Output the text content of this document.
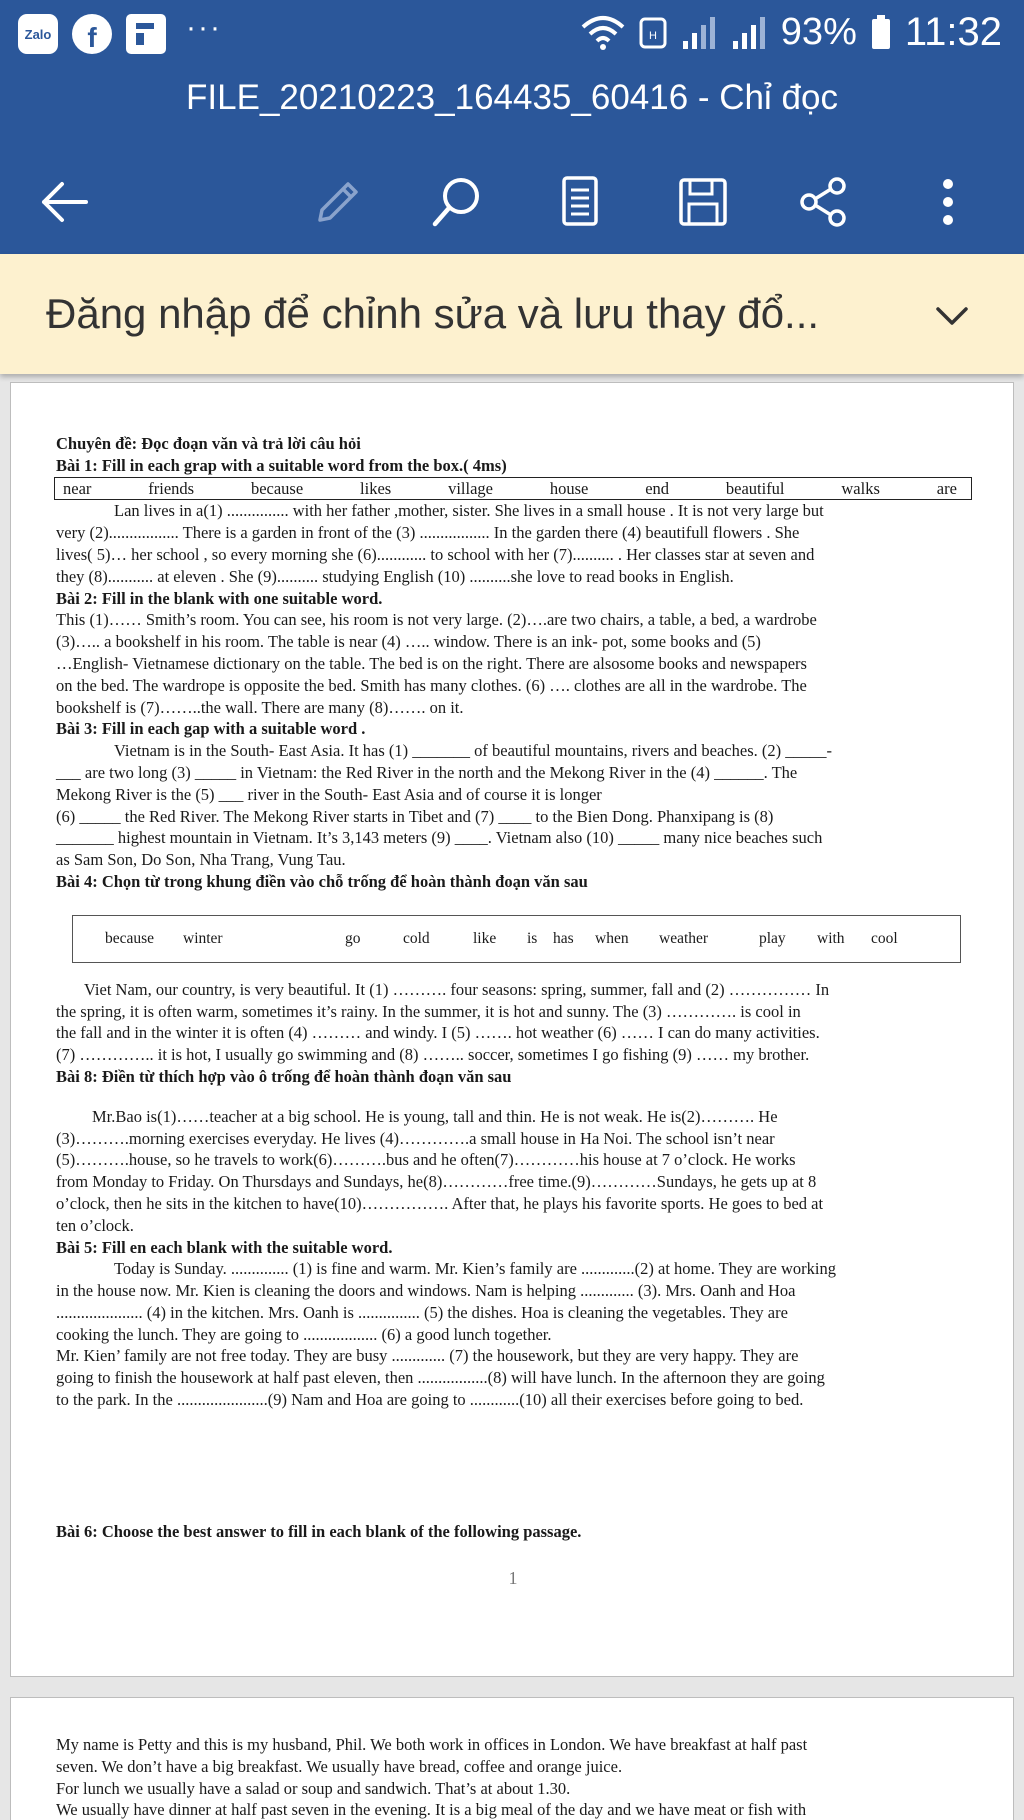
Zalo	f	···	H	93% 11:32
FILE_20210223_164435_60416 - Chỉ đọc
Đăng nhập để chỉnh sửa và lưu thay đổ...

Chuyên đề: Đọc đoạn văn và trả lời câu hỏi

Bài 1: Fill in each grap with a suitable word from the box.( 4ms)

near	friends	because	likes	village	house	end	beautiful	walks	are

Lan lives in a(1) ............... with her father ,mother, sister. She lives in a small house . It is not very large but

very (2)................. There is a garden in front of the (3) ................. In the garden there (4) beautifull flowers . She

lives( 5)… her school , so every morning she (6)............ to school with her (7).......... . Her classes star at seven and

they (8)........... at eleven . She (9).......... studying English (10) ..........she love to read books in English.

Bài 2: Fill in the blank with one suitable word.

This (1)…… Smith’s room. You can see, his room is not very large. (2)….are two chairs, a table, a bed, a wardrobe

(3)….. a bookshelf in his room. The table is near (4) ….. window. There is an ink- pot, some books and (5)

…English- Vietnamese dictionary on the table. The bed is on the right. There are alsosome books and newspapers

on the bed. The wardrope is opposite the bed. Smith has many clothes. (6) …. clothes are all in the wardrobe. The

bookshelf is (7)……..the wall. There are many (8)……. on it.

Bài 3: Fill in each gap with a suitable word .

Vietnam is in the South- East Asia. It has (1) _______ of beautiful mountains, rivers and beaches. (2) _____-

___ are two long (3) _____ in Vietnam: the Red River in the north and the Mekong River in the (4) ______. The

Mekong River is the (5) ___ river in the South- East Asia and of course it is longer

(6) _____ the Red River. The Mekong River starts in Tibet and (7) ____ to the Bien Dong. Phanxipang is (8)

_______ highest mountain in Vietnam. It’s 3,143 meters (9) ____. Vietnam also (10) _____ many nice beaches such

as Sam Son, Do Son, Nha Trang, Vung Tau.

Bài 4: Chọn từ trong khung điền vào chỗ trống để hoàn thành đoạn văn sau

because	winter	go	cold	like	is	has	when	weather	play	with	cool

Viet Nam, our country, is very beautiful. It (1) ………. four seasons: spring, summer, fall and (2) …………… In

the spring, it is often warm, sometimes it’s rainy. In the summer, it is hot and sunny. The (3) …………. is cool in

the fall and in the winter it is often (4) ……… and windy. I (5) ……. hot weather (6) …… I can do many activities.

(7) ………….. it is hot, I usually go swimming and (8) …….. soccer, sometimes I go fishing (9) …… my brother.

Bài 8: Điền từ thích hợp vào ô trống để hoàn thành đoạn văn sau

Mr.Bao is(1)……teacher at a big school. He is young, tall and thin. He is not weak. He is(2)………. He

(3)……….morning exercises everyday. He lives (4)………….a small house in Ha Noi. The school isn’t near

(5)……….house, so he travels to work(6)……….bus and he often(7)…………his house at 7 o’clock. He works

from Monday to Friday. On Thursdays and Sundays, he(8)…………free time.(9)…………Sundays, he gets up at 8

o’clock, then he sits in the kitchen to have(10)……………. After that, he plays his favorite sports. He goes to bed at

ten o’clock.

Bài 5: Fill en each blank with the suitable word.

Today is Sunday. .............. (1) is fine and warm. Mr. Kien’s family are .............(2) at home. They are working

in the house now. Mr. Kien is cleaning the doors and windows. Nam is helping ............. (3). Mrs. Oanh and Hoa

..................... (4) in the kitchen. Mrs. Oanh is ............... (5) the dishes. Hoa is cleaning the vegetables. They are

cooking the lunch. They are going to .................. (6) a good lunch together.

Mr. Kien’ family are not free today. They are busy ............. (7) the housework, but they are very happy. They are

going to finish the housework at half past eleven, then .................(8) will have lunch. In the afternoon they are going

to the park. In the ......................(9) Nam and Hoa are going to ............(10) all their exercises before going to bed.

Bài 6: Choose the best answer to fill in each blank of the following passage.

1

My name is Petty and this is my husband, Phil. We both work in offices in London. We have breakfast at half past

seven. We don’t have a big breakfast. We usually have bread, coffee and orange juice.

For lunch we usually have a salad or soup and sandwich. That’s at about 1.30.

We usually have dinner at half past seven in the evening. It is a big meal of the day and we have meat or fish with
